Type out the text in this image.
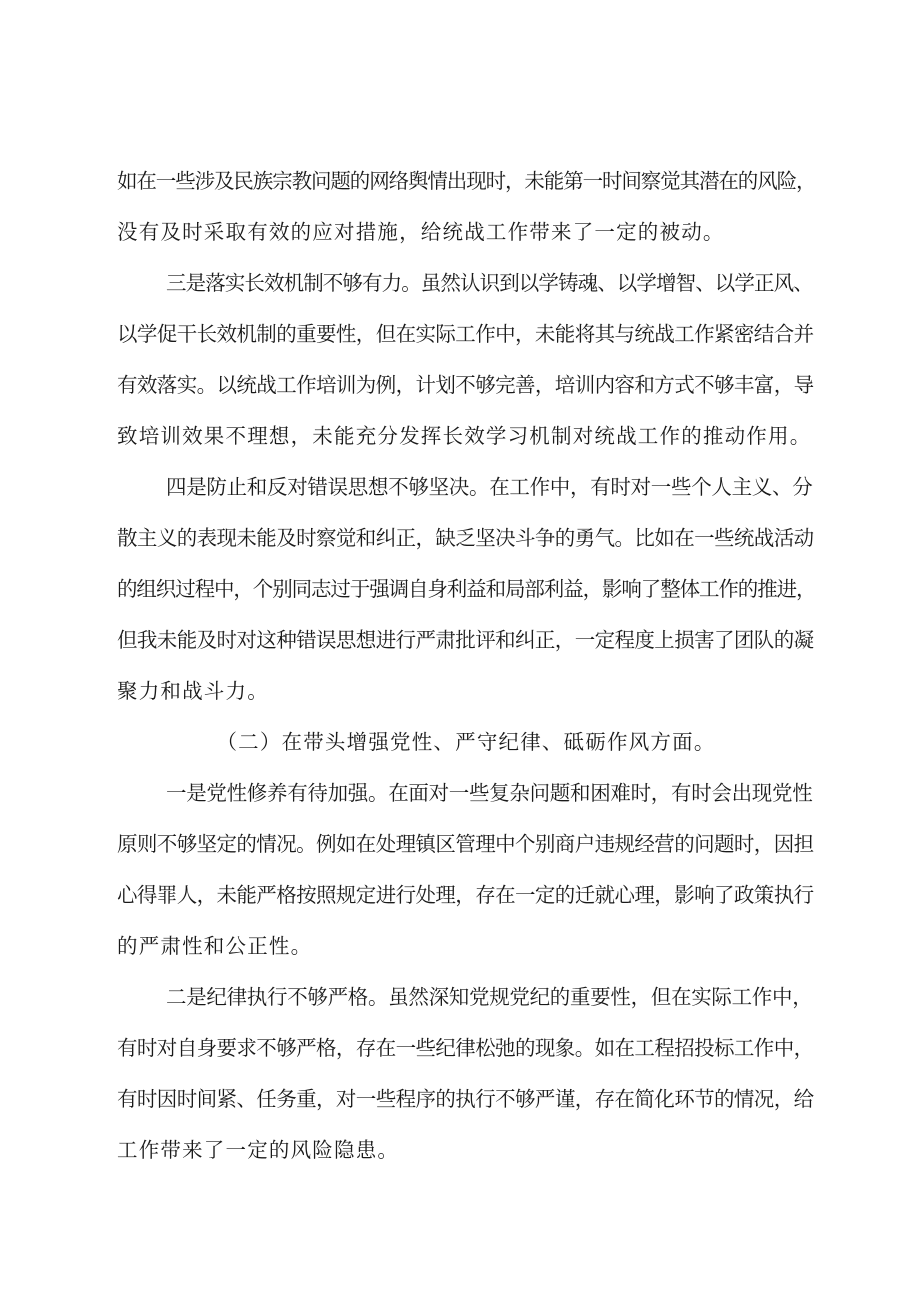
如在一些涉及民族宗教问题的网络舆情出现时，未能第一时间察觉其潜在的风险，
没有及时采取有效的应对措施，给统战工作带来了一定的被动。
三是落实长效机制不够有力。虽然认识到以学铸魂、以学增智、以学正风、
以学促干长效机制的重要性，但在实际工作中，未能将其与统战工作紧密结合并
有效落实。以统战工作培训为例，计划不够完善，培训内容和方式不够丰富，导
致培训效果不理想，未能充分发挥长效学习机制对统战工作的推动作用。
四是防止和反对错误思想不够坚决。在工作中，有时对一些个人主义、分
散主义的表现未能及时察觉和纠正，缺乏坚决斗争的勇气。比如在一些统战活动
的组织过程中，个别同志过于强调自身利益和局部利益，影响了整体工作的推进，
但我未能及时对这种错误思想进行严肃批评和纠正，一定程度上损害了团队的凝
聚力和战斗力。
（二）在带头增强党性、严守纪律、砥砺作风方面。
一是党性修养有待加强。在面对一些复杂问题和困难时，有时会出现党性
原则不够坚定的情况。例如在处理镇区管理中个别商户违规经营的问题时，因担
心得罪人，未能严格按照规定进行处理，存在一定的迁就心理，影响了政策执行
的严肃性和公正性。
二是纪律执行不够严格。虽然深知党规党纪的重要性，但在实际工作中，
有时对自身要求不够严格，存在一些纪律松弛的现象。如在工程招投标工作中，
有时因时间紧、任务重，对一些程序的执行不够严谨，存在简化环节的情况，给
工作带来了一定的风险隐患。
